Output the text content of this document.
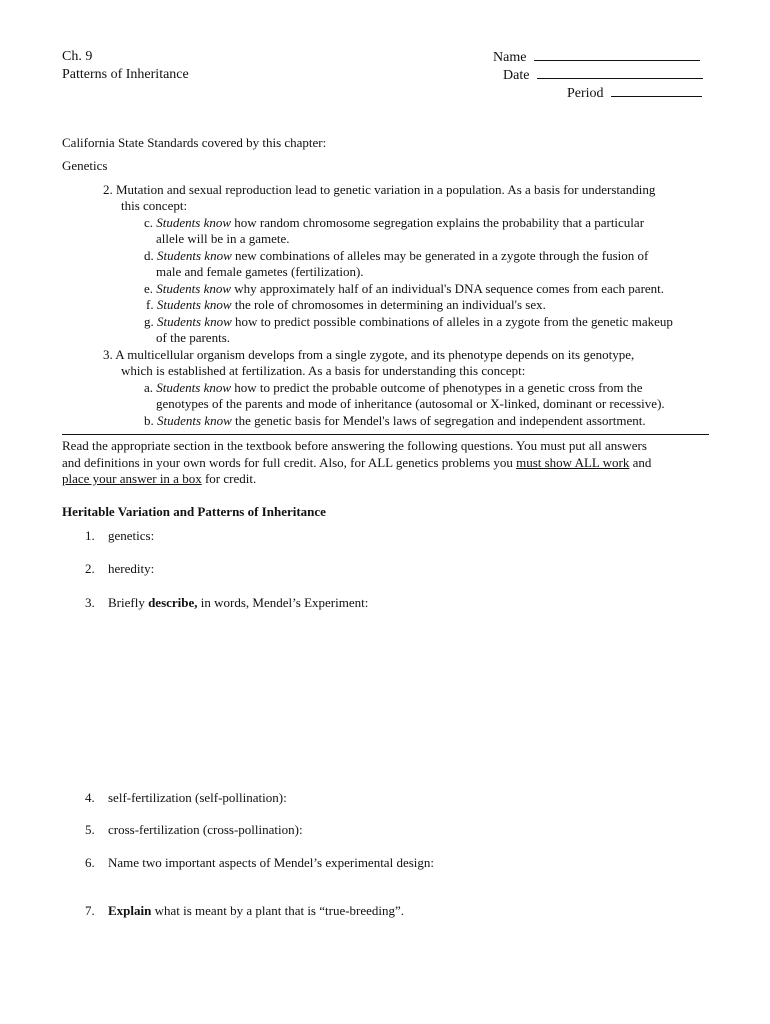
Ch. 9
Patterns of Inheritance
Name
Date
Period
California State Standards covered by this chapter:
Genetics
2. Mutation and sexual reproduction lead to genetic variation in a population. As a basis for understanding
this concept:
c. Students know how random chromosome segregation explains the probability that a particular
allele will be in a gamete.
d. Students know new combinations of alleles may be generated in a zygote through the fusion of
male and female gametes (fertilization).
e. Students know why approximately half of an individual's DNA sequence comes from each parent.
f. Students know the role of chromosomes in determining an individual's sex.
g. Students know how to predict possible combinations of alleles in a zygote from the genetic makeup
of the parents.
3. A multicellular organism develops from a single zygote, and its phenotype depends on its genotype,
which is established at fertilization. As a basis for understanding this concept:
a. Students know how to predict the probable outcome of phenotypes in a genetic cross from the
genotypes of the parents and mode of inheritance (autosomal or X-linked, dominant or recessive).
b. Students know the genetic basis for Mendel's laws of segregation and independent assortment.
Read the appropriate section in the textbook before answering the following questions. You must put all answers
and definitions in your own words for full credit. Also, for ALL genetics problems you must show ALL work and
place your answer in a box for credit.
Heritable Variation and Patterns of Inheritance
1. genetics:
2. heredity:
3. Briefly describe, in words, Mendel’s Experiment:
4. self-fertilization (self-pollination):
5. cross-fertilization (cross-pollination):
6. Name two important aspects of Mendel’s experimental design:
7. Explain what is meant by a plant that is “true-breeding”.
